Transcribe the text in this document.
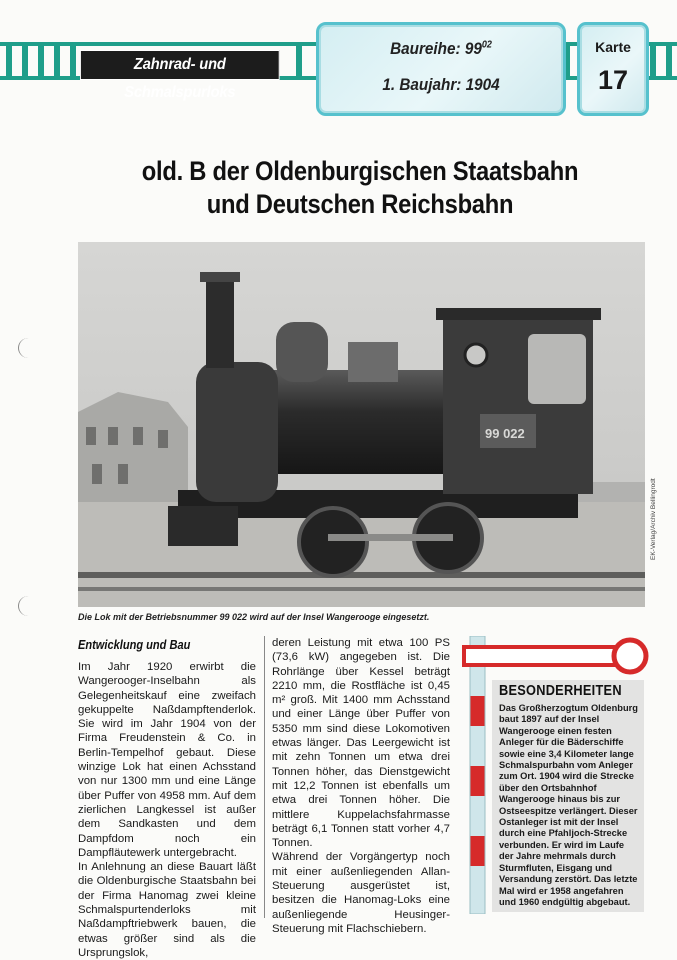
Zahnrad- und Schmalspurloks
Baureihe: $99^{02}$
1. Baujahr: 1904
Karte
17
old. B der Oldenburgischen Staatsbahn
und Deutschen Reichsbahn
99 022
Die Lok mit der Betriebsnummer 99 022 wird auf der Insel Wangerooge eingesetzt.
EK-Verlag/Archiv Bellingrodt
Entwicklung und Bau

Im Jahr 1920 erwirbt die Wangerooger-Inselbahn als Gelegenheitskauf eine zweifach gekuppelte Naßdampftenderlok. Sie wird im Jahr 1904 von der Firma Freudenstein & Co. in Berlin-Tempelhof gebaut. Diese winzige Lok hat einen Achsstand von nur 1300 mm und eine Länge über Puffer von 4958 mm. Auf dem zierlichen Langkessel ist außer dem Sandkasten und dem Dampfdom noch ein Dampfläutewerk untergebracht.

In Anlehnung an diese Bauart läßt die Oldenburgische Staatsbahn bei der Firma Hanomag zwei kleine Schmalspurtenderloks mit Naßdampftriebwerk bauen, die etwas größer sind als die Ursprungslok,

deren Leistung mit etwa 100 PS (73,6 kW) angegeben ist. Die Rohrlänge über Kessel beträgt 2210 mm, die Rostfläche ist 0,45 m² groß. Mit 1400 mm Achsstand und einer Länge über Puffer von 5350 mm sind diese Lokomotiven etwas länger. Das Leergewicht ist mit zehn Tonnen um etwa drei Tonnen höher, das Dienstgewicht mit 12,2 Tonnen ist ebenfalls um etwa drei Tonnen höher. Die mittlere Kuppelachsfahrmasse beträgt 6,1 Tonnen statt vorher 4,7 Tonnen.

Während der Vorgängertyp noch mit einer außenliegenden Allan-Steuerung ausgerüstet ist, besitzen die Hanomag-Loks eine außenliegende Heusinger-Steuerung mit Flachschiebern.

BESONDERHEITEN
Das Großherzogtum Oldenburg baut 1897 auf der Insel Wangerooge einen festen Anleger für die Bäderschiffe sowie eine 3,4 Kilometer lange Schmalspurbahn vom Anleger zum Ort. 1904 wird die Strecke über den Ortsbahnhof Wangerooge hinaus bis zur Ostseespitze verlängert. Dieser Ostanleger ist mit der Insel durch eine Pfahljoch-Strecke verbunden. Er wird im Laufe der Jahre mehrmals durch Sturmfluten, Eisgang und Versandung zerstört. Das letzte Mal wird er 1958 angefahren und 1960 endgültig abgebaut.
